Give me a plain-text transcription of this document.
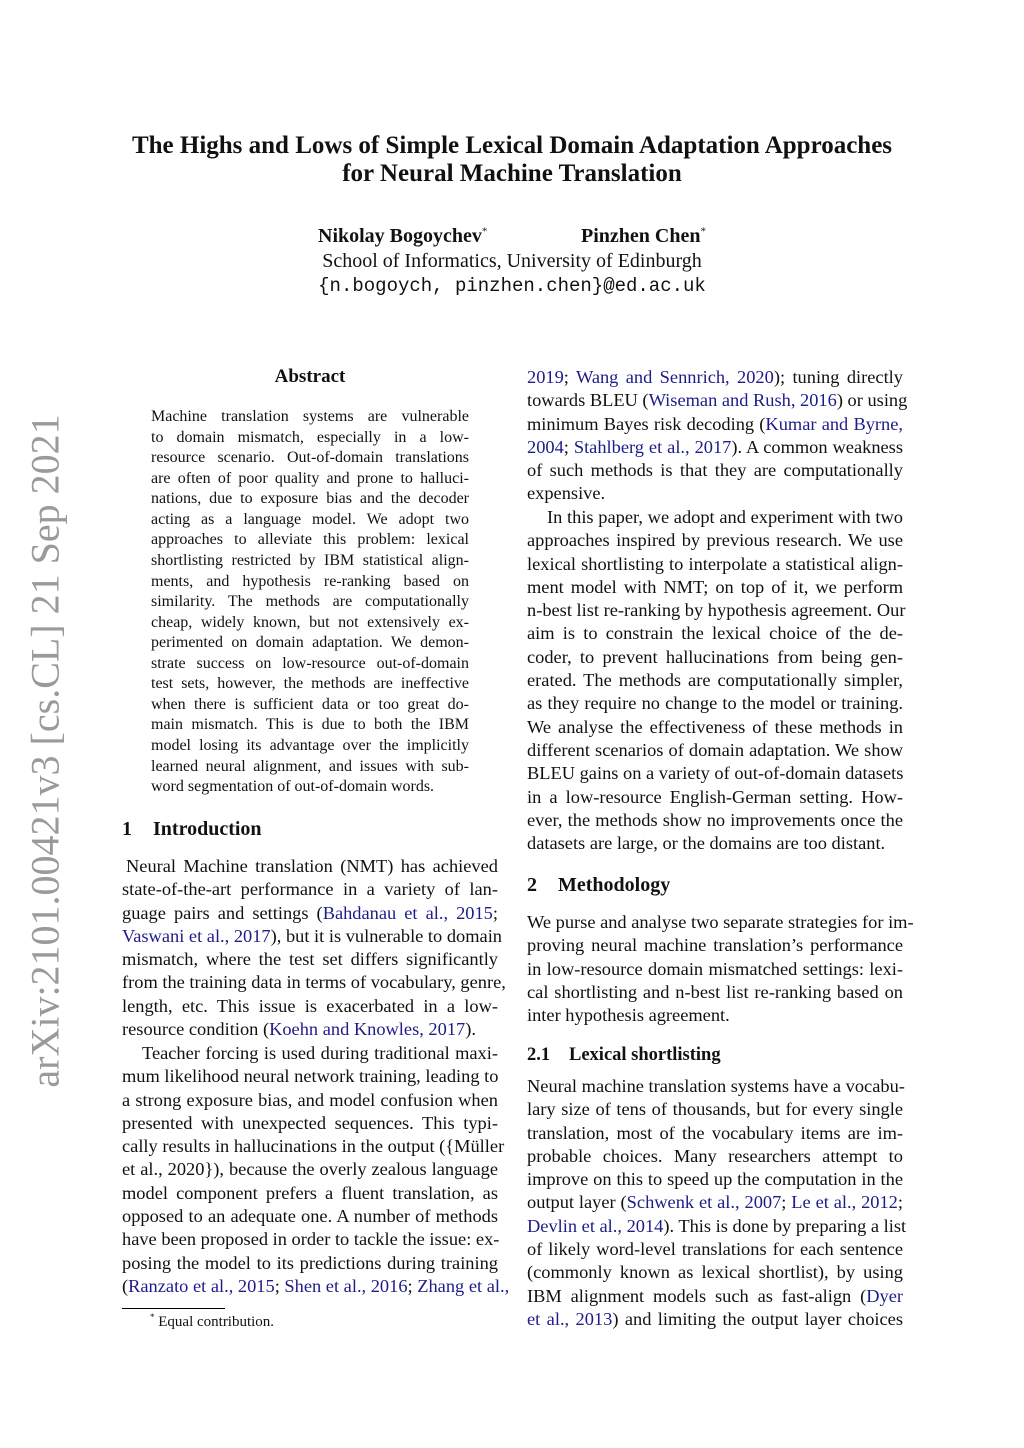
arXiv:2101.00421v3 [cs.CL] 21 Sep 2021
The Highs and Lows of Simple Lexical Domain Adaptation Approaches
for Neural Machine Translation
Nikolay Bogoychev*	Pinzhen Chen*
School of Informatics, University of Edinburgh
{n.bogoych, pinzhen.chen}@ed.ac.uk
Abstract
Machine translation systems are vulnerable
to domain mismatch, especially in a low-
resource scenario. Out-of-domain translations
are often of poor quality and prone to halluci-
nations, due to exposure bias and the decoder
acting as a language model. We adopt two
approaches to alleviate this problem: lexical
shortlisting restricted by IBM statistical align-
ments, and hypothesis re-ranking based on
similarity. The methods are computationally
cheap, widely known, but not extensively ex-
perimented on domain adaptation. We demon-
strate success on low-resource out-of-domain
test sets, however, the methods are ineffective
when there is sufficient data or too great do-
main mismatch. This is due to both the IBM
model losing its advantage over the implicitly
learned neural alignment, and issues with sub-
word segmentation of out-of-domain words.
1 Introduction
Neural Machine translation (NMT) has achieved
state-of-the-art performance in a variety of lan-
guage pairs and settings (Bahdanau et al., 2015;
Vaswani et al., 2017), but it is vulnerable to domain
mismatch, where the test set differs significantly
from the training data in terms of vocabulary, genre,
length, etc. This issue is exacerbated in a low-
resource condition (Koehn and Knowles, 2017).
Teacher forcing is used during traditional maxi-
mum likelihood neural network training, leading to
a strong exposure bias, and model confusion when
presented with unexpected sequences. This typi-
cally results in hallucinations in the output ({Müller
et al., 2020}), because the overly zealous language
model component prefers a fluent translation, as
opposed to an adequate one. A number of methods
have been proposed in order to tackle the issue: ex-
posing the model to its predictions during training
(Ranzato et al., 2015; Shen et al., 2016; Zhang et al.,
* Equal contribution.
2019; Wang and Sennrich, 2020); tuning directly
towards BLEU (Wiseman and Rush, 2016) or using
minimum Bayes risk decoding (Kumar and Byrne,
2004; Stahlberg et al., 2017). A common weakness
of such methods is that they are computationally
expensive.
In this paper, we adopt and experiment with two
approaches inspired by previous research. We use
lexical shortlisting to interpolate a statistical align-
ment model with NMT; on top of it, we perform
n-best list re-ranking by hypothesis agreement. Our
aim is to constrain the lexical choice of the de-
coder, to prevent hallucinations from being gen-
erated. The methods are computationally simpler,
as they require no change to the model or training.
We analyse the effectiveness of these methods in
different scenarios of domain adaptation. We show
BLEU gains on a variety of out-of-domain datasets
in a low-resource English-German setting. How-
ever, the methods show no improvements once the
datasets are large, or the domains are too distant.
2 Methodology
We purse and analyse two separate strategies for im-
proving neural machine translation’s performance
in low-resource domain mismatched settings: lexi-
cal shortlisting and n-best list re-ranking based on
inter hypothesis agreement.
2.1 Lexical shortlisting
Neural machine translation systems have a vocabu-
lary size of tens of thousands, but for every single
translation, most of the vocabulary items are im-
probable choices. Many researchers attempt to
improve on this to speed up the computation in the
output layer (Schwenk et al., 2007; Le et al., 2012;
Devlin et al., 2014). This is done by preparing a list
of likely word-level translations for each sentence
(commonly known as lexical shortlist), by using
IBM alignment models such as fast-align (Dyer
et al., 2013) and limiting the output layer choices
